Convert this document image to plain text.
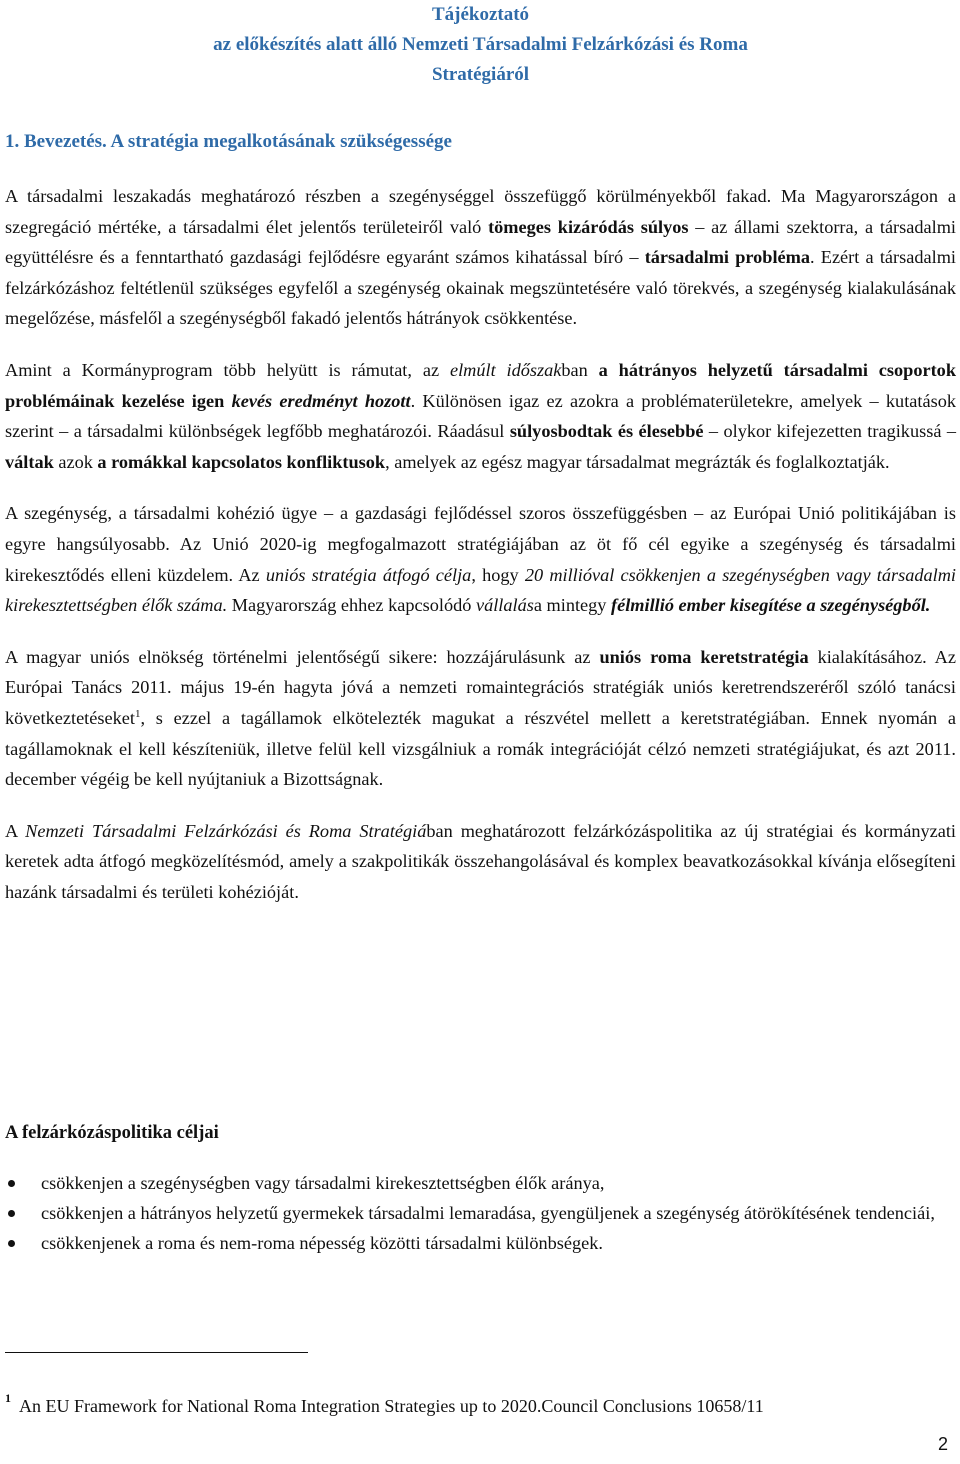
Tájékoztató
az előkészítés alatt álló Nemzeti Társadalmi Felzárkózási és Roma
Stratégiáról

1. Bevezetés. A stratégia megalkotásának szükségessége

A társadalmi leszakadás meghatározó részben a szegénységgel összefüggő körülményekből fakad. Ma Magyarországon a szegregáció mértéke, a társadalmi élet jelentős területeiről való tömeges kizáródás súlyos – az állami szektorra, a társadalmi együttélésre és a fenntartható gazdasági fejlődésre egyaránt számos kihatással bíró – társadalmi probléma. Ezért a társadalmi felzárkózáshoz feltétlenül szükséges egyfelől a szegénység okainak megszüntetésére való törekvés, a szegénység kialakulásának megelőzése, másfelől a szegénységből fakadó jelentős hátrányok csökkentése.

Amint a Kormányprogram több helyütt is rámutat, az elmúlt időszakban a hátrányos helyzetű társadalmi csoportok problémáinak kezelése igen kevés eredményt hozott. Különösen igaz ez azokra a problématerületekre, amelyek – kutatások szerint – a társadalmi különbségek legfőbb meghatározói. Ráadásul súlyosbodtak és élesebbé – olykor kifejezetten tragikussá – váltak azok a romákkal kapcsolatos konfliktusok, amelyek az egész magyar társadalmat megrázták és foglalkoztatják.

A szegénység, a társadalmi kohézió ügye – a gazdasági fejlődéssel szoros összefüggésben – az Európai Unió politikájában is egyre hangsúlyosabb. Az Unió 2020-ig megfogalmazott stratégiájában az öt fő cél egyike a szegénység és társadalmi kirekesztődés elleni küzdelem. Az uniós stratégia átfogó célja, hogy 20 millióval csökkenjen a szegénységben vagy társadalmi kirekesztettségben élők száma. Magyarország ehhez kapcsolódó vállalása mintegy félmillió ember kisegítése a szegénységből.

A magyar uniós elnökség történelmi jelentőségű sikere: hozzájárulásunk az uniós roma keretstratégia kialakításához. Az Európai Tanács 2011. május 19-én hagyta jóvá a nemzeti romaintegrációs stratégiák uniós keretrendszeréről szóló tanácsi következtetéseket$^1$, s ezzel a tagállamok elkötelezték magukat a részvétel mellett a keretstratégiában. Ennek nyomán a tagállamoknak el kell készíteniük, illetve felül kell vizsgálniuk a romák integrációját célzó nemzeti stratégiájukat, és azt 2011. december végéig be kell nyújtaniuk a Bizottságnak.

A Nemzeti Társadalmi Felzárkózási és Roma Stratégiában meghatározott felzárkózáspolitika az új stratégiai és kormányzati keretek adta átfogó megközelítésmód, amely a szakpolitikák összehangolásával és komplex beavatkozásokkal kívánja elősegíteni hazánk társadalmi és területi kohézióját.

A felzárkózáspolitika céljai

csökkenjen a szegénységben vagy társadalmi kirekesztettségben élők aránya,
csökkenjen a hátrányos helyzetű gyermekek társadalmi lemaradása, gyengüljenek a szegénység átörökítésének tendenciái,
csökkenjenek a roma és nem-roma népesség közötti társadalmi különbségek.

$^1$ An EU Framework for National Roma Integration Strategies up to 2020.Council Conclusions 10658/11

2
